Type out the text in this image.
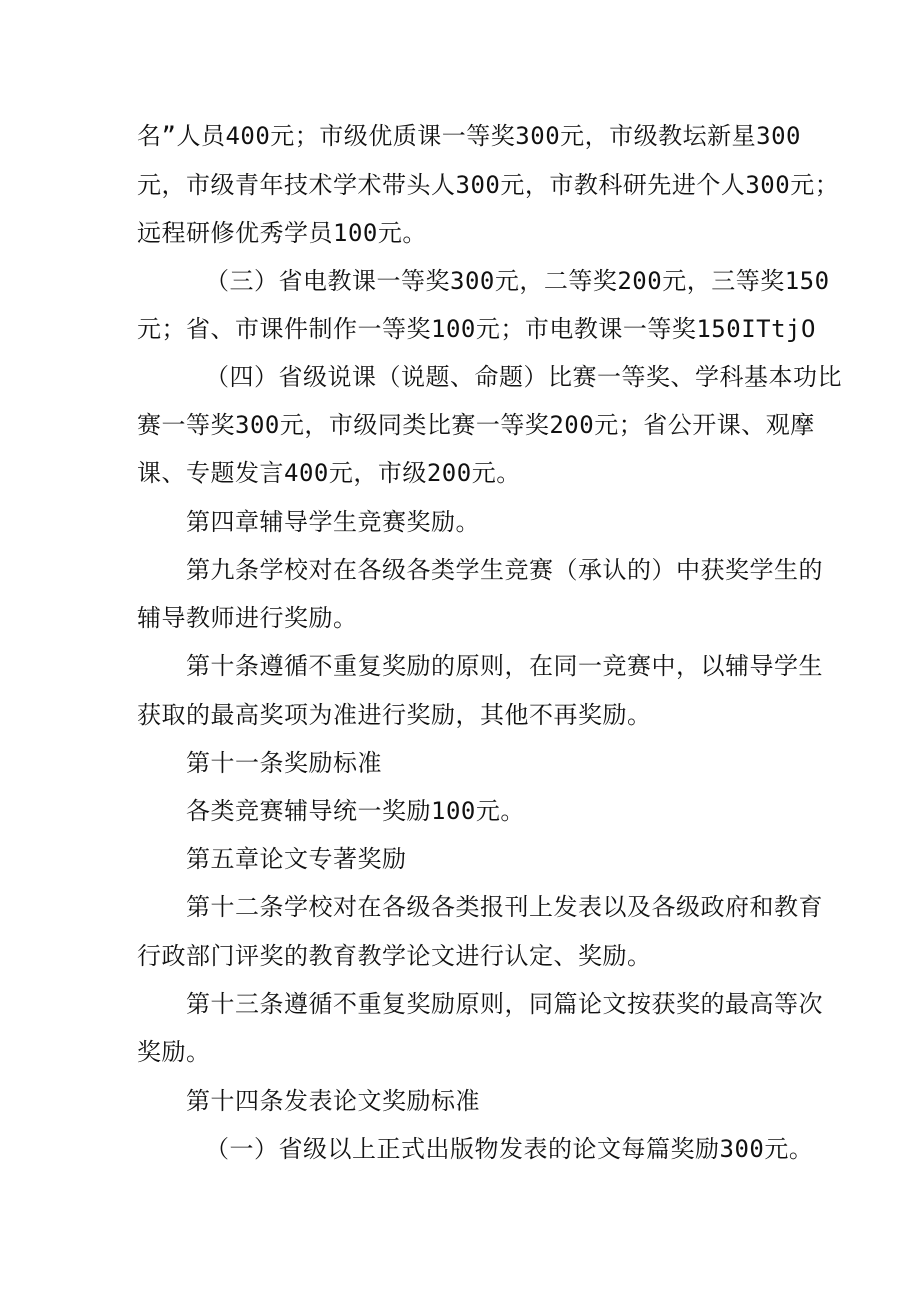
名”人员400元；市级优质课一等奖300元，市级教坛新星300
元，市级青年技术学术带头人300元，市教科研先进个人300元；
远程研修优秀学员100元。
（三）省电教课一等奖300元，二等奖200元，三等奖150
元；省、市课件制作一等奖100元；市电教课一等奖150ITtjO
（四）省级说课（说题、命题）比赛一等奖、学科基本功比
赛一等奖300元，市级同类比赛一等奖200元；省公开课、观摩
课、专题发言400元，市级200元。
第四章辅导学生竞赛奖励。
第九条学校对在各级各类学生竞赛（承认的）中获奖学生的
辅导教师进行奖励。
第十条遵循不重复奖励的原则，在同一竞赛中，以辅导学生
获取的最高奖项为准进行奖励，其他不再奖励。
第十一条奖励标准
各类竞赛辅导统一奖励100元。
第五章论文专著奖励
第十二条学校对在各级各类报刊上发表以及各级政府和教育
行政部门评奖的教育教学论文进行认定、奖励。
第十三条遵循不重复奖励原则，同篇论文按获奖的最高等次
奖励。
第十四条发表论文奖励标准
（一）省级以上正式出版物发表的论文每篇奖励300元。
